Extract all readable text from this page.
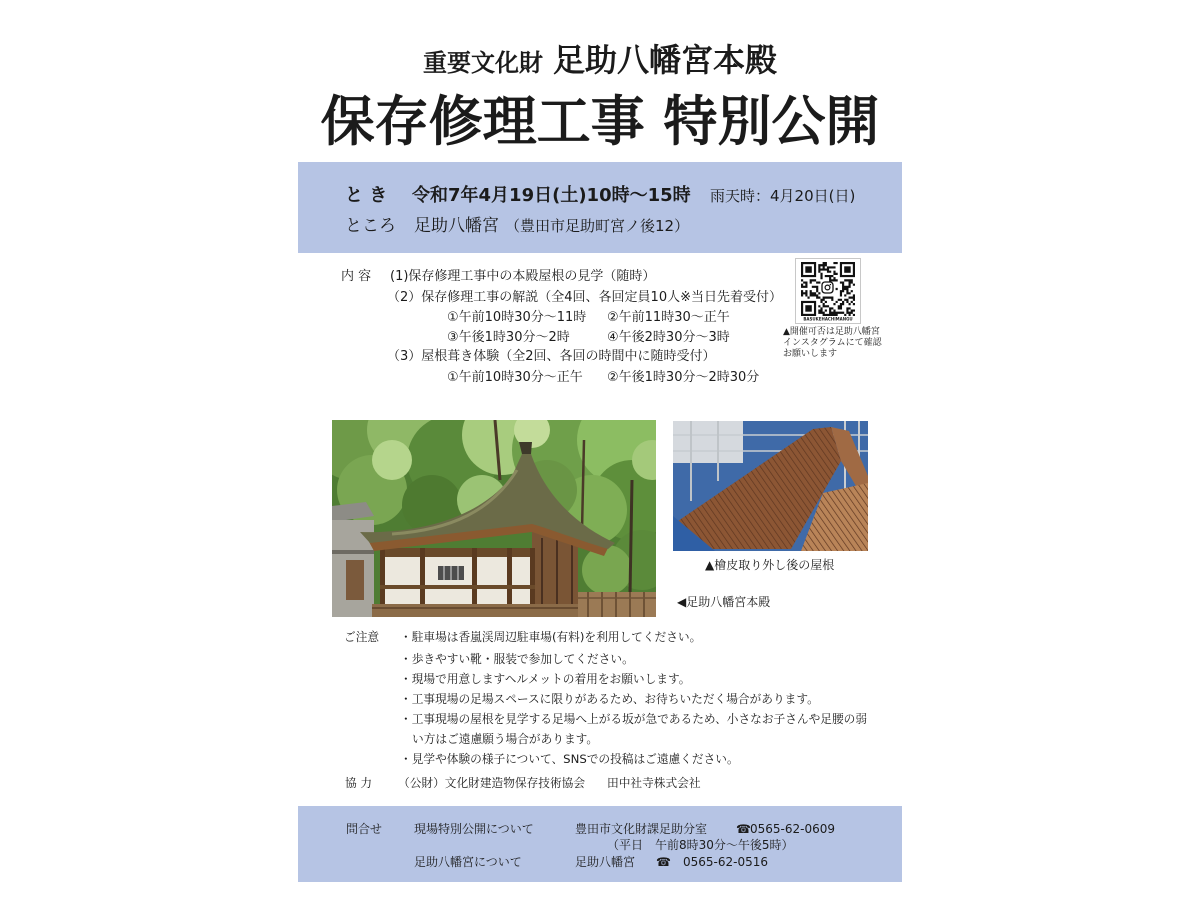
重要文化財 足助八幡宮本殿
保存修理工事 特別公開
と き 令和7年4月19日(土)10時～15時 雨天時：4月20日(日)
ところ 足助八幡宮 （豊田市足助町宮ノ後12）
内 容 (1)保存修理工事中の本殿屋根の見学（随時）
（2）保存修理工事の解説（全4回、各回定員10人※当日先着受付）
①午前10時30分～11時 ②午前11時30～正午
③午後1時30分～2時	④午後2時30分～3時
（3）屋根葺き体験（全2回、各回の時間中に随時受付）
①午前10時30分～正午 ②午後1時30分～2時30分
BASUKEHACHIMANGU
▲開催可否は足助八幡宮
インスタグラムにて確認
お願いします
▲檜皮取り外し後の屋根
◀足助八幡宮本殿
ご注意 ・駐車場は香嵐渓周辺駐車場(有料)を利用してください。
・歩きやすい靴・服装で参加してください。
・現場で用意しますヘルメットの着用をお願いします。
・工事現場の足場スペースに限りがあるため、お待ちいただく場合があります。
・工事現場の屋根を見学する足場へ上がる坂が急であるため、小さなお子さんや足腰の弱
い方はご遠慮願う場合があります。
・見学や体験の様子について、SNSでの投稿はご遠慮ください。
協 力 （公財）文化財建造物保存技術協会 田中社寺株式会社
問合せ	現場特別公開について	豊田市文化財課足助分室 ☎ 0565-62-0609
（平日　午前8時30分～午後5時）
足助八幡宮について	足助八幡宮 ☎ 0565-62-0516
